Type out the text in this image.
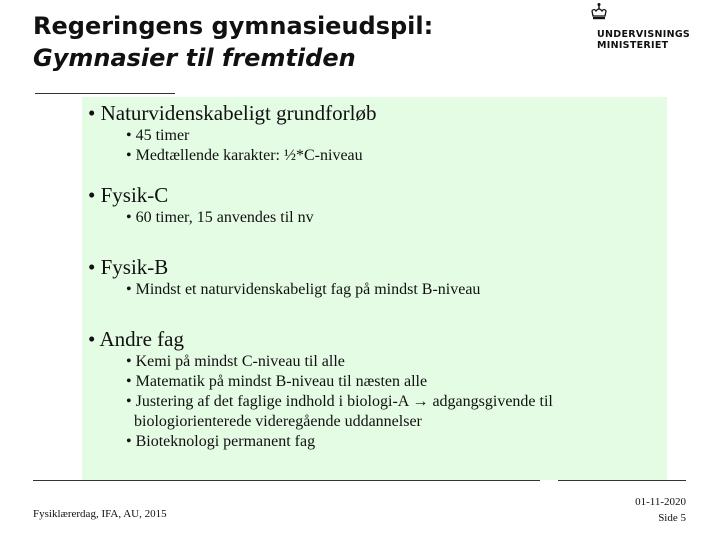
Regeringens gymnasieudspil:
Gymnasier til fremtiden
UNDERVISNINGS
MINISTERIET
• Naturvidenskabeligt grundforløb
• 45 timer
• Medtællende karakter: ½*C-niveau
• Fysik-C
• 60 timer, 15 anvendes til nv
• Fysik-B
• Mindst et naturvidenskabeligt fag på mindst B-niveau
• Andre fag
• Kemi på mindst C-niveau til alle
• Matematik på mindst B-niveau til næsten alle
• Justering af det faglige indhold i biologi-A → adgangsgivende til
biologiorienterede videregående uddannelser
• Bioteknologi permanent fag
Fysiklærerdag, IFA, AU, 2015
01-11-2020
Side 5
